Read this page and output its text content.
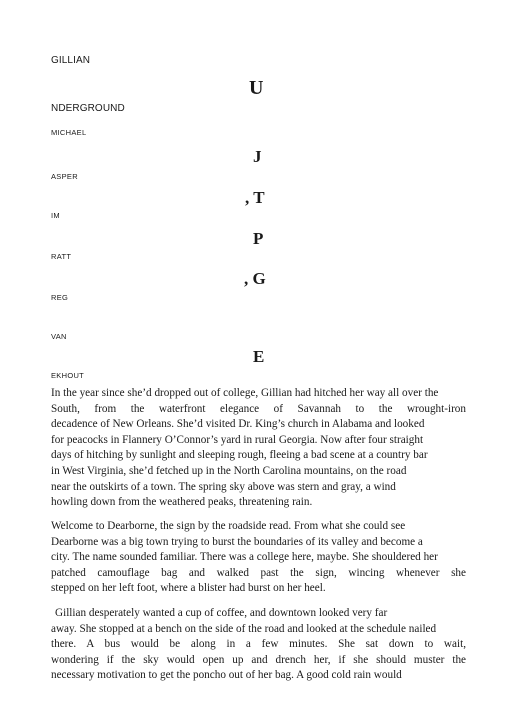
GILLIAN
U
NDERGROUND
MICHAEL
J
ASPER
, T
IM
P
RATT
, G
REG
VAN
E
EKHOUT
In the year since she’d dropped out of college, Gillian had hitched her way all over the
South, from the waterfront elegance of Savannah to the wrought-iron
decadence of New Orleans. She’d visited Dr. King’s church in Alabama and looked
for peacocks in Flannery O’Connor’s yard in rural Georgia. Now after four straight
days of hitching by sunlight and sleeping rough, fleeing a bad scene at a country bar
in West Virginia, she’d fetched up in the North Carolina mountains, on the road
near the outskirts of a town. The spring sky above was stern and gray, a wind
howling down from the weathered peaks, threatening rain.
Welcome to Dearborne, the sign by the roadside read. From what she could see
Dearborne was a big town trying to burst the boundaries of its valley and become a
city. The name sounded familiar. There was a college here, maybe. She shouldered her
patched camouflage bag and walked past the sign, wincing whenever she
stepped on her left foot, where a blister had burst on her heel.
Gillian desperately wanted a cup of coffee, and downtown looked very far
away. She stopped at a bench on the side of the road and looked at the schedule nailed
there. A bus would be along in a few minutes. She sat down to wait,
wondering if the sky would open up and drench her, if she should muster the
necessary motivation to get the poncho out of her bag. A good cold rain would
